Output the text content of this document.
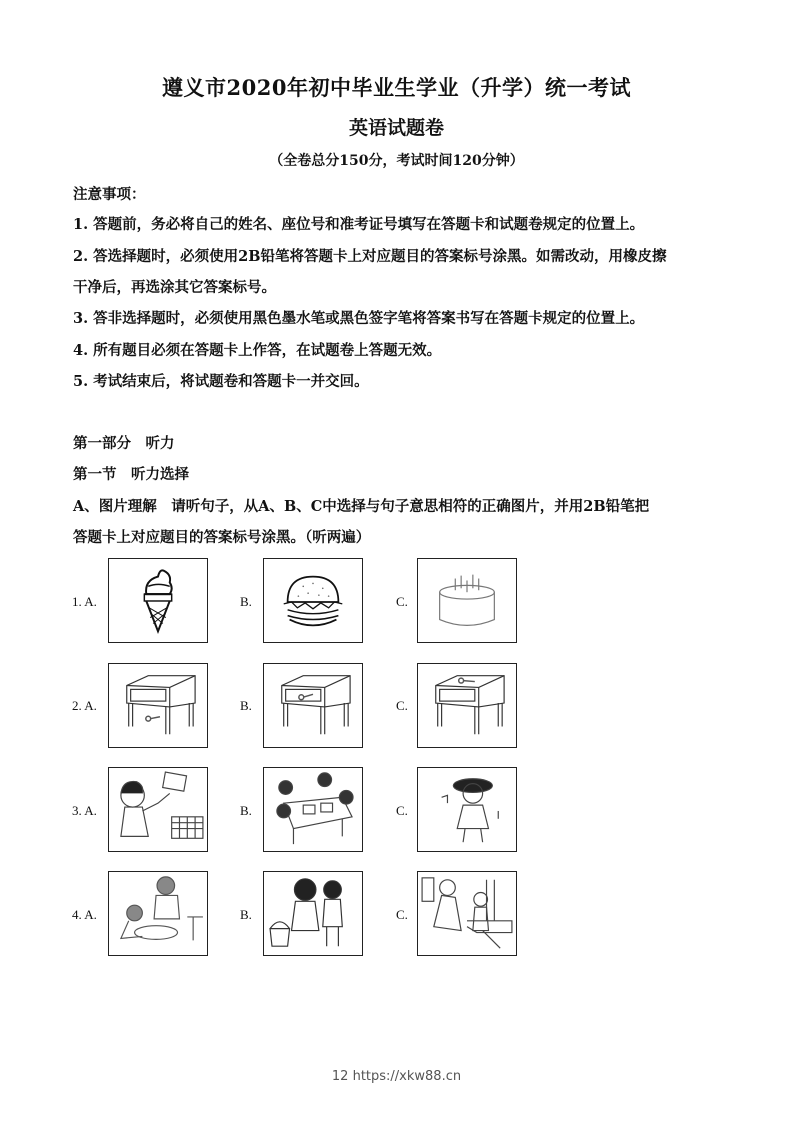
遵义市2020年初中毕业生学业（升学）统一考试
英语试题卷
（全卷总分150分，考试时间120分钟）
注意事项：
1. 答题前，务必将自己的姓名、座位号和准考证号填写在答题卡和试题卷规定的位置上。
2. 答选择题时，必须使用2B铅笔将答题卡上对应题目的答案标号涂黑。如需改动，用橡皮擦
干净后，再选涂其它答案标号。
3. 答非选择题时，必须使用黑色墨水笔或黑色签字笔将答案书写在答题卡规定的位置上。
4. 所有题目必须在答题卡上作答，在试题卷上答题无效。
5. 考试结束后，将试题卷和答题卡一并交回。
第一部分　听力
第一节　听力选择
A、图片理解　请听句子，从A、B、C中选择与句子意思相符的正确图片，并用2B铅笔把
答题卡上对应题目的答案标号涂黑。（听两遍）
1. A.	B.	C.
2. A.	B.	C.
3. A.	B.	C.
4. A.	B.	C.
12 https://xkw88.cn
